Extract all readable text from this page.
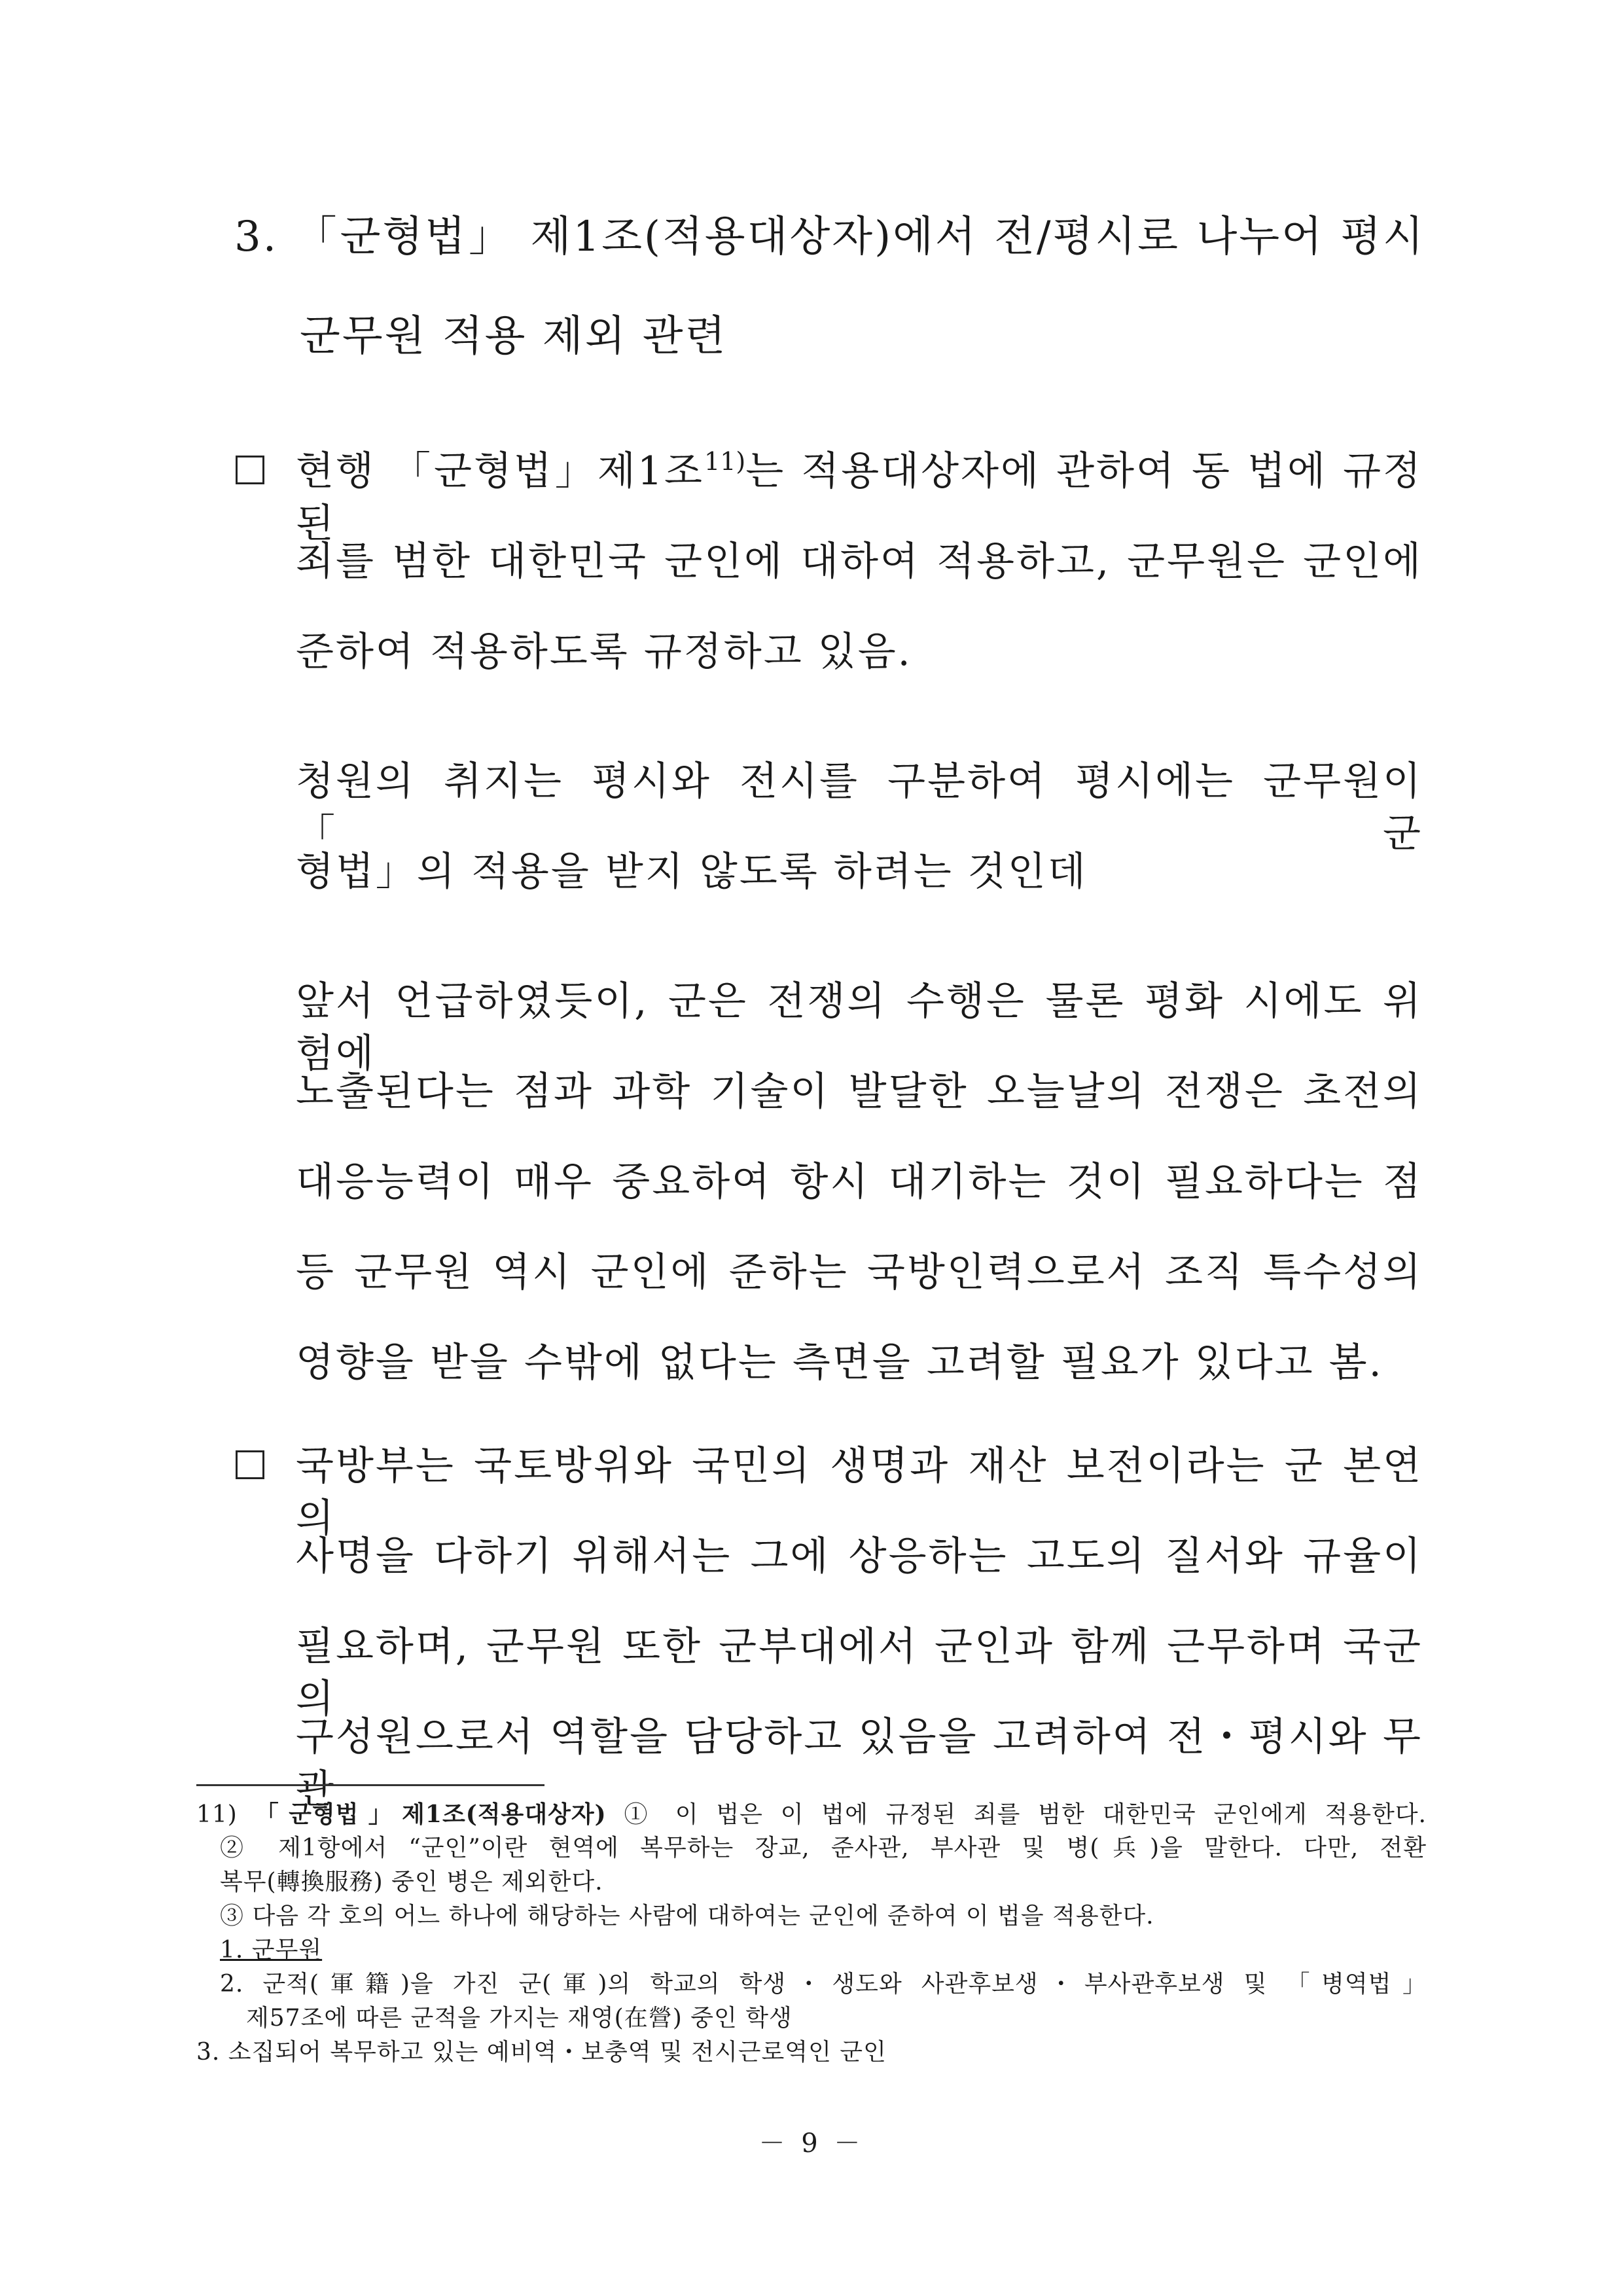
3. 「군형법」 제1조(적용대상자)에서 전/평시로 나누어 평시
군무원 적용 제외 관련
현행 「군형법」제1조$^{11)}$는 적용대상자에 관하여 동 법에 규정된
죄를 범한 대한민국 군인에 대하여 적용하고, 군무원은 군인에
준하여 적용하도록 규정하고 있음.
청원의 취지는 평시와 전시를 구분하여 평시에는 군무원이 「군
형법」의 적용을 받지 않도록 하려는 것인데
앞서 언급하였듯이, 군은 전쟁의 수행은 물론 평화 시에도 위험에
노출된다는 점과 과학 기술이 발달한 오늘날의 전쟁은 초전의
대응능력이 매우 중요하여 항시 대기하는 것이 필요하다는 점
등 군무원 역시 군인에 준하는 국방인력으로서 조직 특수성의
영향을 받을 수밖에 없다는 측면을 고려할 필요가 있다고 봄.
국방부는 국토방위와 국민의 생명과 재산 보전이라는 군 본연의
사명을 다하기 위해서는 그에 상응하는 고도의 질서와 규율이
필요하며, 군무원 또한 군부대에서 군인과 함께 근무하며 국군의
구성원으로서 역할을 담당하고 있음을 고려하여 전・평시와 무관
11) 「군형법」제1조(적용대상자) ① 이 법은 이 법에 규정된 죄를 범한 대한민국 군인에게 적용한다.
② 제1항에서 “군인”이란 현역에 복무하는 장교, 준사관, 부사관 및 병(兵)을 말한다. 다만, 전환
복무(轉換服務) 중인 병은 제외한다.
③ 다음 각 호의 어느 하나에 해당하는 사람에 대하여는 군인에 준하여 이 법을 적용한다.
1. 군무원
2. 군적(軍籍)을 가진 군(軍)의 학교의 학생・생도와 사관후보생・부사관후보생 및 「병역법」
제57조에 따른 군적을 가지는 재영(在營) 중인 학생
3. 소집되어 복무하고 있는 예비역・보충역 및 전시근로역인 군인
－ 9 －
